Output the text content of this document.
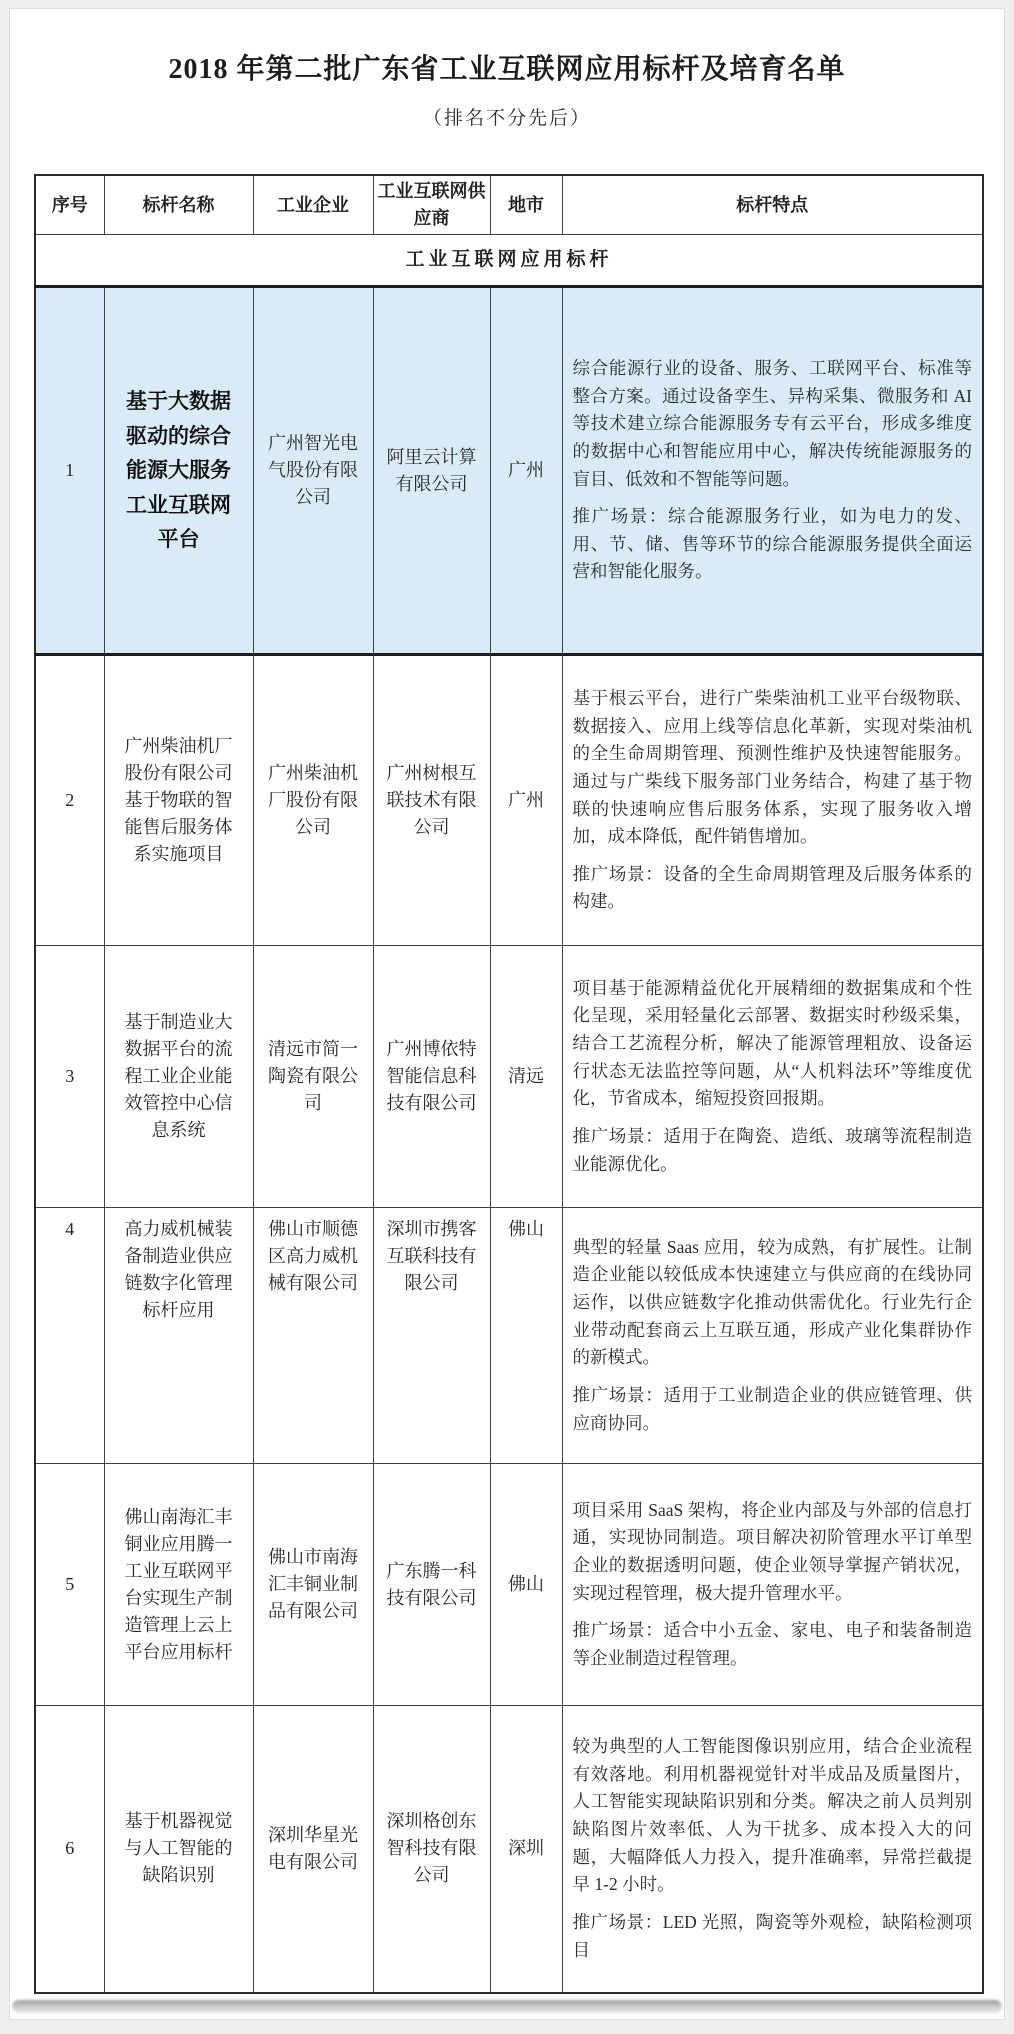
2018 年第二批广东省工业互联网应用标杆及培育名单
（排名不分先后）
序号	标杆名称	工业企业	工业互联网供应商	地市	标杆特点
工业互联网应用标杆					
1	基于大数据驱动的综合能源大服务工业互联网平台	广州智光电气股份有限公司	阿里云计算有限公司	广州	综合能源行业的设备、服务、工联网平台、标准等整合方案。通过设备孪生、异构采集、微服务和 AI 等技术建立综合能源服务专有云平台，形成多维度的数据中心和智能应用中心，解决传统能源服务的盲目、低效和不智能等问题。

推广场景：综合能源服务行业，如为电力的发、用、节、储、售等环节的综合能源服务提供全面运营和智能化服务。

2	广州柴油机厂股份有限公司基于物联的智能售后服务体系实施项目	广州柴油机厂股份有限公司	广州树根互联技术有限公司	广州	基于根云平台，进行广柴柴油机工业平台级物联、数据接入、应用上线等信息化革新，实现对柴油机的全生命周期管理、预测性维护及快速智能服务。通过与广柴线下服务部门业务结合，构建了基于物联的快速响应售后服务体系，实现了服务收入增加，成本降低，配件销售增加。

推广场景：设备的全生命周期管理及后服务体系的构建。

3	基于制造业大数据平台的流程工业企业能效管控中心信息系统	清远市简一陶瓷有限公司	广州博依特智能信息科技有限公司	清远	项目基于能源精益优化开展精细的数据集成和个性化呈现，采用轻量化云部署、数据实时秒级采集，结合工艺流程分析，解决了能源管理粗放、设备运行状态无法监控等问题，从“人机料法环”等维度优化，节省成本，缩短投资回报期。

推广场景：适用于在陶瓷、造纸、玻璃等流程制造业能源优化。

4	高力威机械装备制造业供应链数字化管理标杆应用	佛山市顺德区高力威机械有限公司	深圳市携客互联科技有限公司	佛山	典型的轻量 Saas 应用，较为成熟，有扩展性。让制造企业能以较低成本快速建立与供应商的在线协同运作，以供应链数字化推动供需优化。行业先行企业带动配套商云上互联互通，形成产业化集群协作的新模式。

推广场景：适用于工业制造企业的供应链管理、供应商协同。

5	佛山南海汇丰铜业应用腾一工业互联网平台实现生产制造管理上云上平台应用标杆	佛山市南海汇丰铜业制品有限公司	广东腾一科技有限公司	佛山	项目采用 SaaS 架构，将企业内部及与外部的信息打通，实现协同制造。项目解决初阶管理水平订单型企业的数据透明问题，使企业领导掌握产销状况，实现过程管理，极大提升管理水平。

推广场景：适合中小五金、家电、电子和装备制造等企业制造过程管理。

6	基于机器视觉与人工智能的缺陷识别	深圳华星光电有限公司	深圳格创东智科技有限公司	深圳	较为典型的人工智能图像识别应用，结合企业流程有效落地。利用机器视觉针对半成品及质量图片，人工智能实现缺陷识别和分类。解决之前人员判别缺陷图片效率低、人为干扰多、成本投入大的问题，大幅降低人力投入，提升准确率，异常拦截提早 1-2 小时。

推广场景：LED 光照，陶瓷等外观检，缺陷检测项目
